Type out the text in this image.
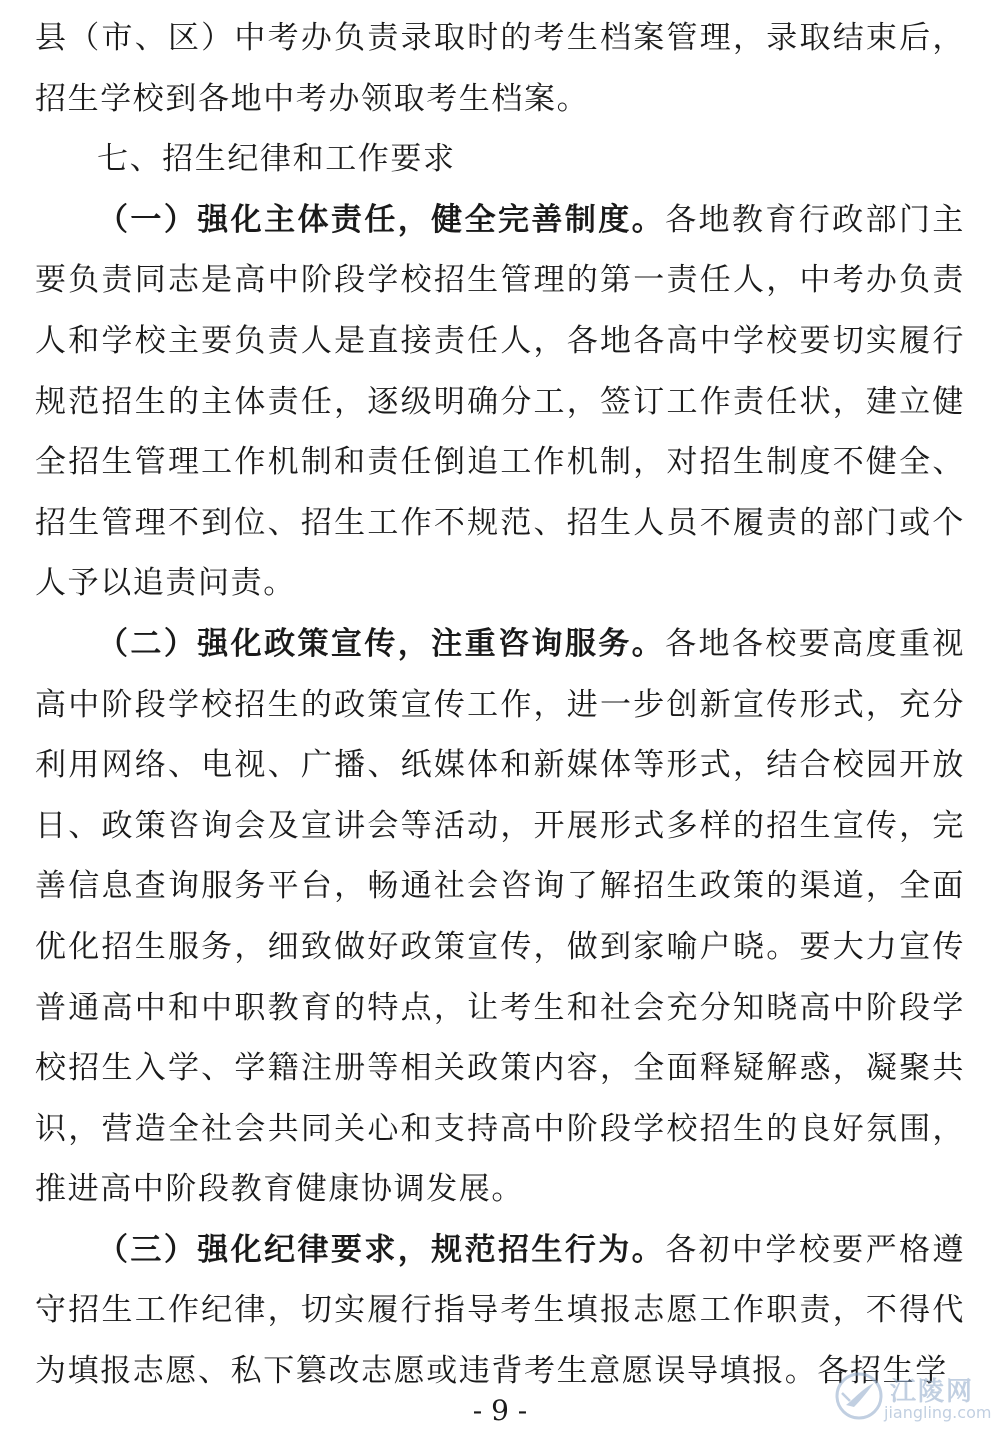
县（市、区）中考办负责录取时的考生档案管理，录取结束后，招生学校到各地中考办领取考生档案。

七、招生纪律和工作要求

（一）强化主体责任，健全完善制度。各地教育行政部门主要负责同志是高中阶段学校招生管理的第一责任人，中考办负责人和学校主要负责人是直接责任人，各地各高中学校要切实履行规范招生的主体责任，逐级明确分工，签订工作责任状，建立健全招生管理工作机制和责任倒追工作机制，对招生制度不健全、招生管理不到位、招生工作不规范、招生人员不履责的部门或个人予以追责问责。

（二）强化政策宣传，注重咨询服务。各地各校要高度重视高中阶段学校招生的政策宣传工作，进一步创新宣传形式，充分利用网络、电视、广播、纸媒体和新媒体等形式，结合校园开放日、政策咨询会及宣讲会等活动，开展形式多样的招生宣传，完善信息查询服务平台，畅通社会咨询了解招生政策的渠道，全面优化招生服务，细致做好政策宣传，做到家喻户晓。要大力宣传普通高中和中职教育的特点，让考生和社会充分知晓高中阶段学校招生入学、学籍注册等相关政策内容，全面释疑解惑，凝聚共识，营造全社会共同关心和支持高中阶段学校招生的良好氛围，推进高中阶段教育健康协调发展。

（三）强化纪律要求，规范招生行为。各初中学校要严格遵守招生工作纪律，切实履行指导考生填报志愿工作职责，不得代为填报志愿、私下篡改志愿或违背考生意愿误导填报。各招生学

- 9 -
江陵网
jiangling.com
